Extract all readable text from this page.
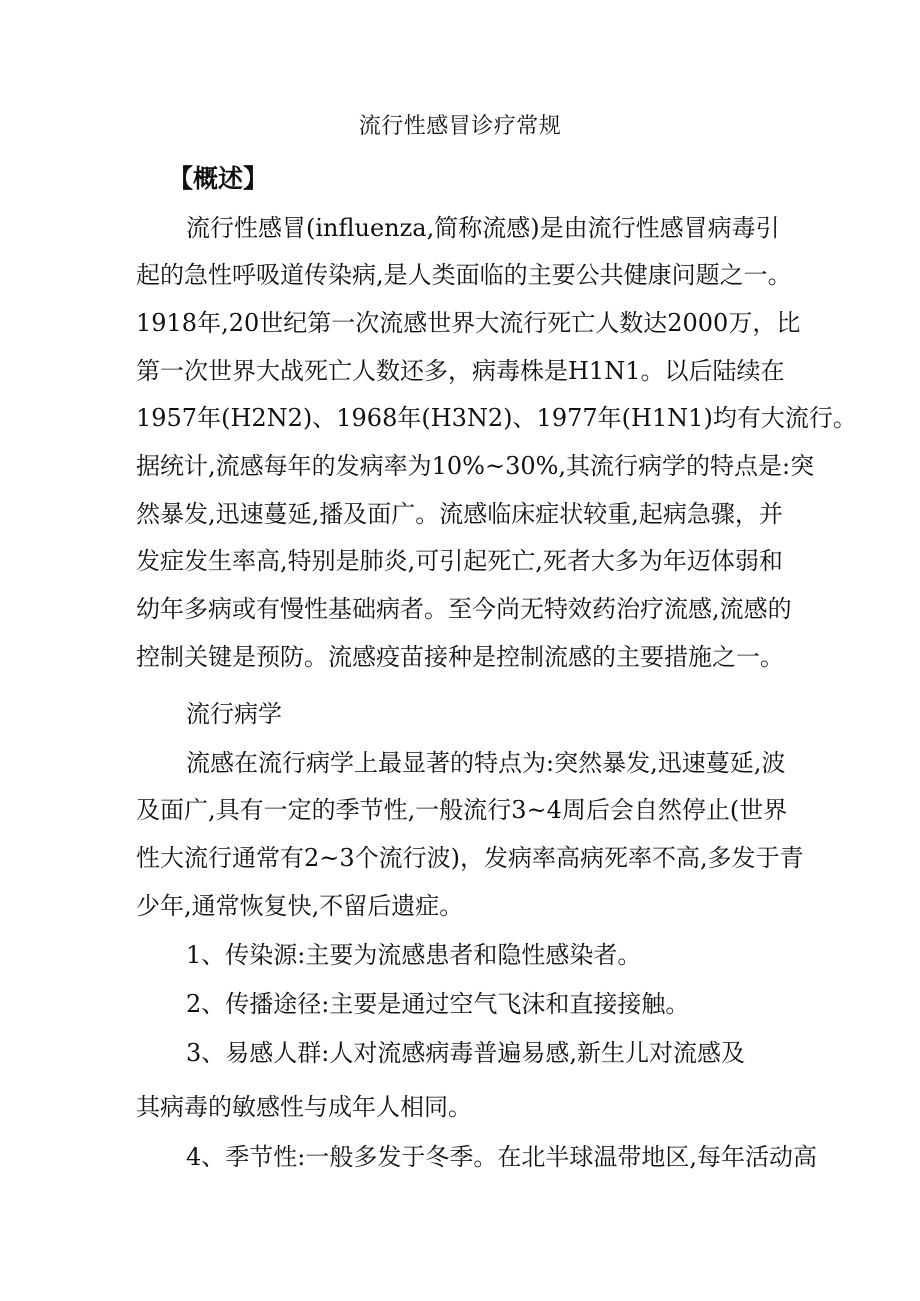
流行性感冒诊疗常规
【概述】
流行性感冒(influenza,简称流感)是由流行性感冒病毒引
起的急性呼吸道传染病,是人类面临的主要公共健康问题之一。
1918年,20世纪第一次流感世界大流行死亡人数达2000万，比
第一次世界大战死亡人数还多，病毒株是H1N1。以后陆续在
1957年(H2N2)、1968年(H3N2)、1977年(H1N1)均有大流行。
据统计,流感每年的发病率为10%~30%,其流行病学的特点是:突
然暴发,迅速蔓延,播及面广。流感临床症状较重,起病急骤，并
发症发生率高,特别是肺炎,可引起死亡,死者大多为年迈体弱和
幼年多病或有慢性基础病者。至今尚无特效药治疗流感,流感的
控制关键是预防。流感疫苗接种是控制流感的主要措施之一。
流行病学
流感在流行病学上最显著的特点为:突然暴发,迅速蔓延,波
及面广,具有一定的季节性,一般流行3~4周后会自然停止(世界
性大流行通常有2~3个流行波)，发病率高病死率不高,多发于青
少年,通常恢复快,不留后遗症。
1、传染源:主要为流感患者和隐性感染者。
2、传播途径:主要是通过空气飞沫和直接接触。
3、易感人群:人对流感病毒普遍易感,新生儿对流感及
其病毒的敏感性与成年人相同。
4、季节性:一般多发于冬季。在北半球温带地区,每年活动高
